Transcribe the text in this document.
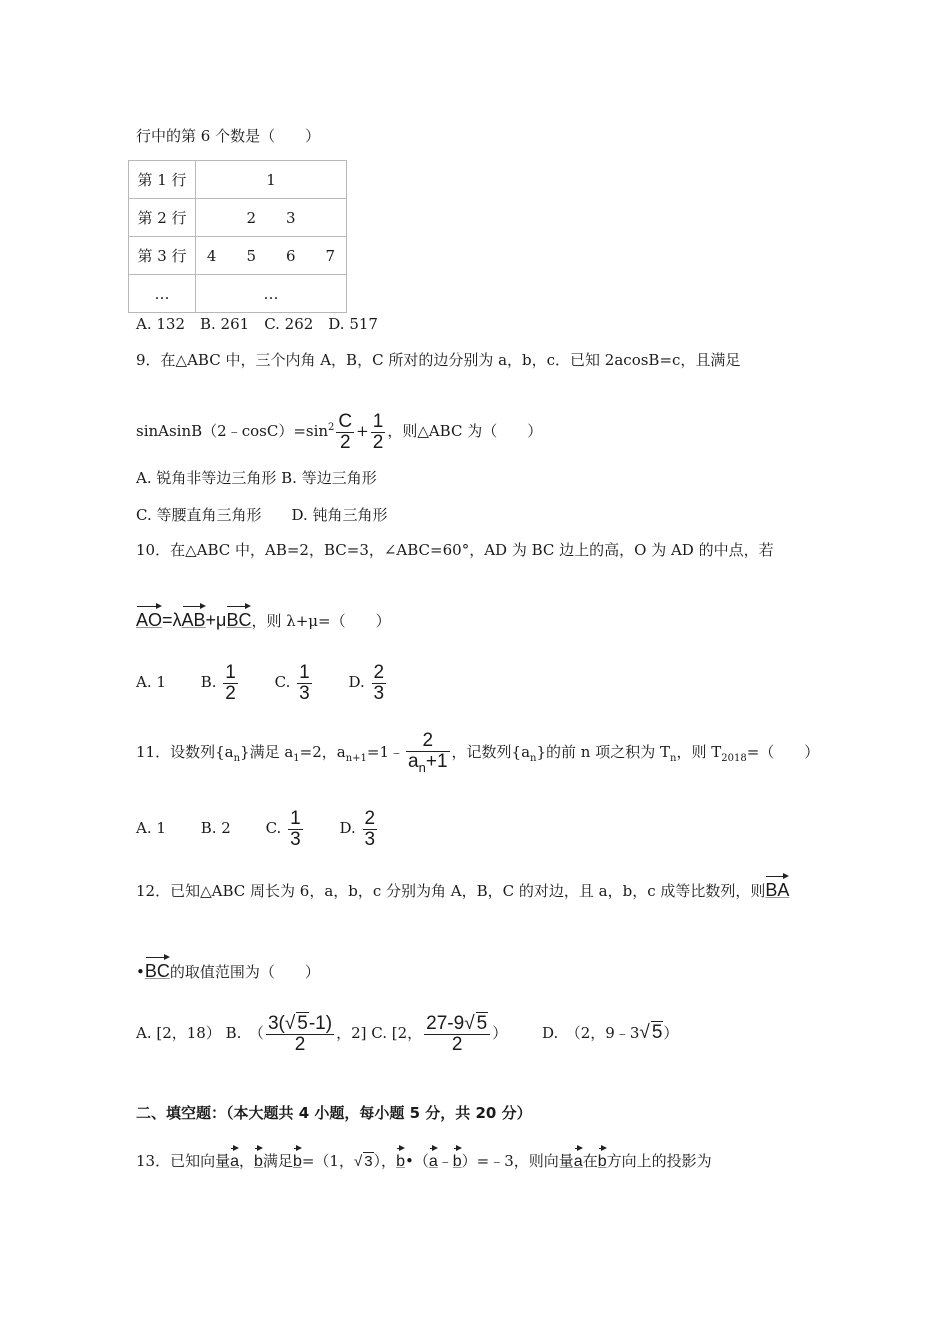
行中的第 6 个数是（　　）
第 1 行	1
第 2 行	2　　3
第 3 行	4　　5　　6　　7
…	…
A. 132　B. 261　C. 262　D. 517
9．在△ABC 中，三个内角 A，B，C 所对的边分别为 a，b，c．已知 2acosB=c，且满足
$sinAsinB(2﹣\cos C)=\sin^2 \frac{C}{2} + \frac{1}{2}$ ，则△ABC 为（　　）
A. 锐角非等边三角形 B. 等边三角形
C. 等腰直角三角形　　D. 钝角三角形
10．在△ABC 中，AB=2，BC=3，∠ABC=60°，AD 为 BC 边上的高，O 为 AD 的中点，若
AO=λAB+μBC，则 λ+μ=（　　）
A. 1 B. $\frac{1}{2} C$. $\frac{1}{3} D$. $\frac{2}{3}$
11．设数列$\{a_n\}$满足 $a_1=2$，$a_{n+1}=1﹣ \frac{2}{a_n+1}$ ，记数列$\{a_n\}$的前 n 项之积为 $T_n$，则 $T_{2018}=$（　　）
A. 1 B. 2 C. $\frac{1}{3} D$. $\frac{2}{3}$
12．已知△ABC 周长为 6，a，b，c 分别为角 A，B，C 的对边，且 a，b，c 成等比数列，则BA
•BC的取值范围为（　　）
A. [2，18） B.　（ $\frac{3(√ 5-1)}{2}$ ，2] C. [2， $\frac{27-9√ 5}{2}$ ） D.　（2，9﹣3√ 5）
二、填空题：（本大题共 4 小题，每小题 5 分，共 20 分）
13．已知向量a，b满足b=（1，√ 3），b•（a﹣b）=﹣3，则向量a在b方向上的投影为
